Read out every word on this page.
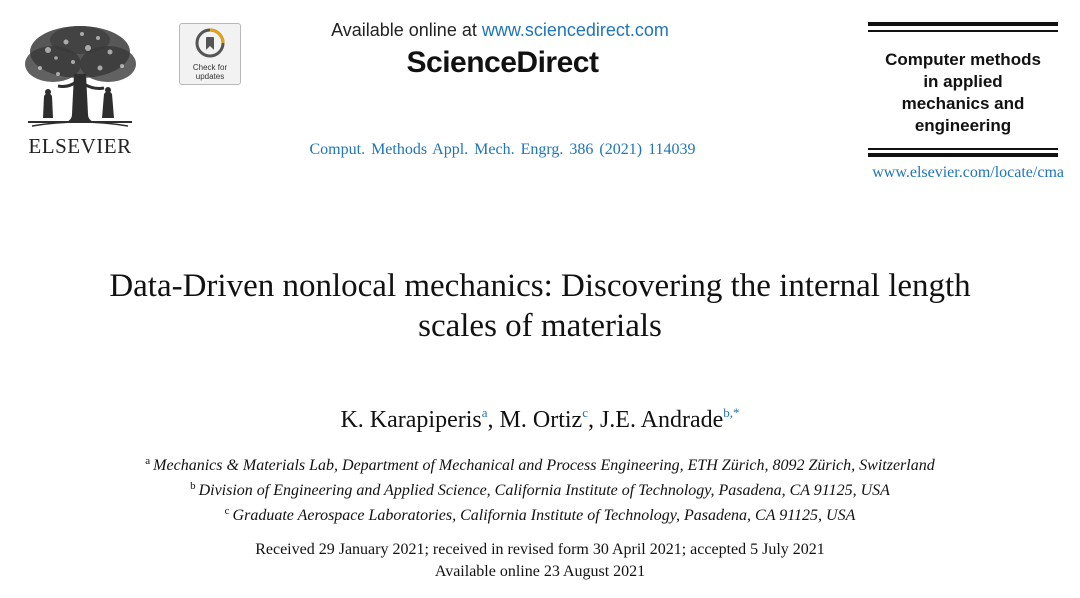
ELSEVIER
Check for
updates
Available online at www.sciencedirect.com
ScienceDirect
Comput. Methods Appl. Mech. Engrg. 386 (2021) 114039
Computer methods
in applied
mechanics and
engineering
www.elsevier.com/locate/cma
Data-Driven nonlocal mechanics: Discovering the internal length
scales of materials
K. Karapiperis$^a$, M. Ortiz$^c$, J.E. Andrade$^{b,*}$
$^a$ Mechanics & Materials Lab, Department of Mechanical and Process Engineering, ETH Zürich, 8092 Zürich, Switzerland
$^b$ Division of Engineering and Applied Science, California Institute of Technology, Pasadena, CA 91125, USA
$^c$ Graduate Aerospace Laboratories, California Institute of Technology, Pasadena, CA 91125, USA
Received 29 January 2021; received in revised form 30 April 2021; accepted 5 July 2021
Available online 23 August 2021
